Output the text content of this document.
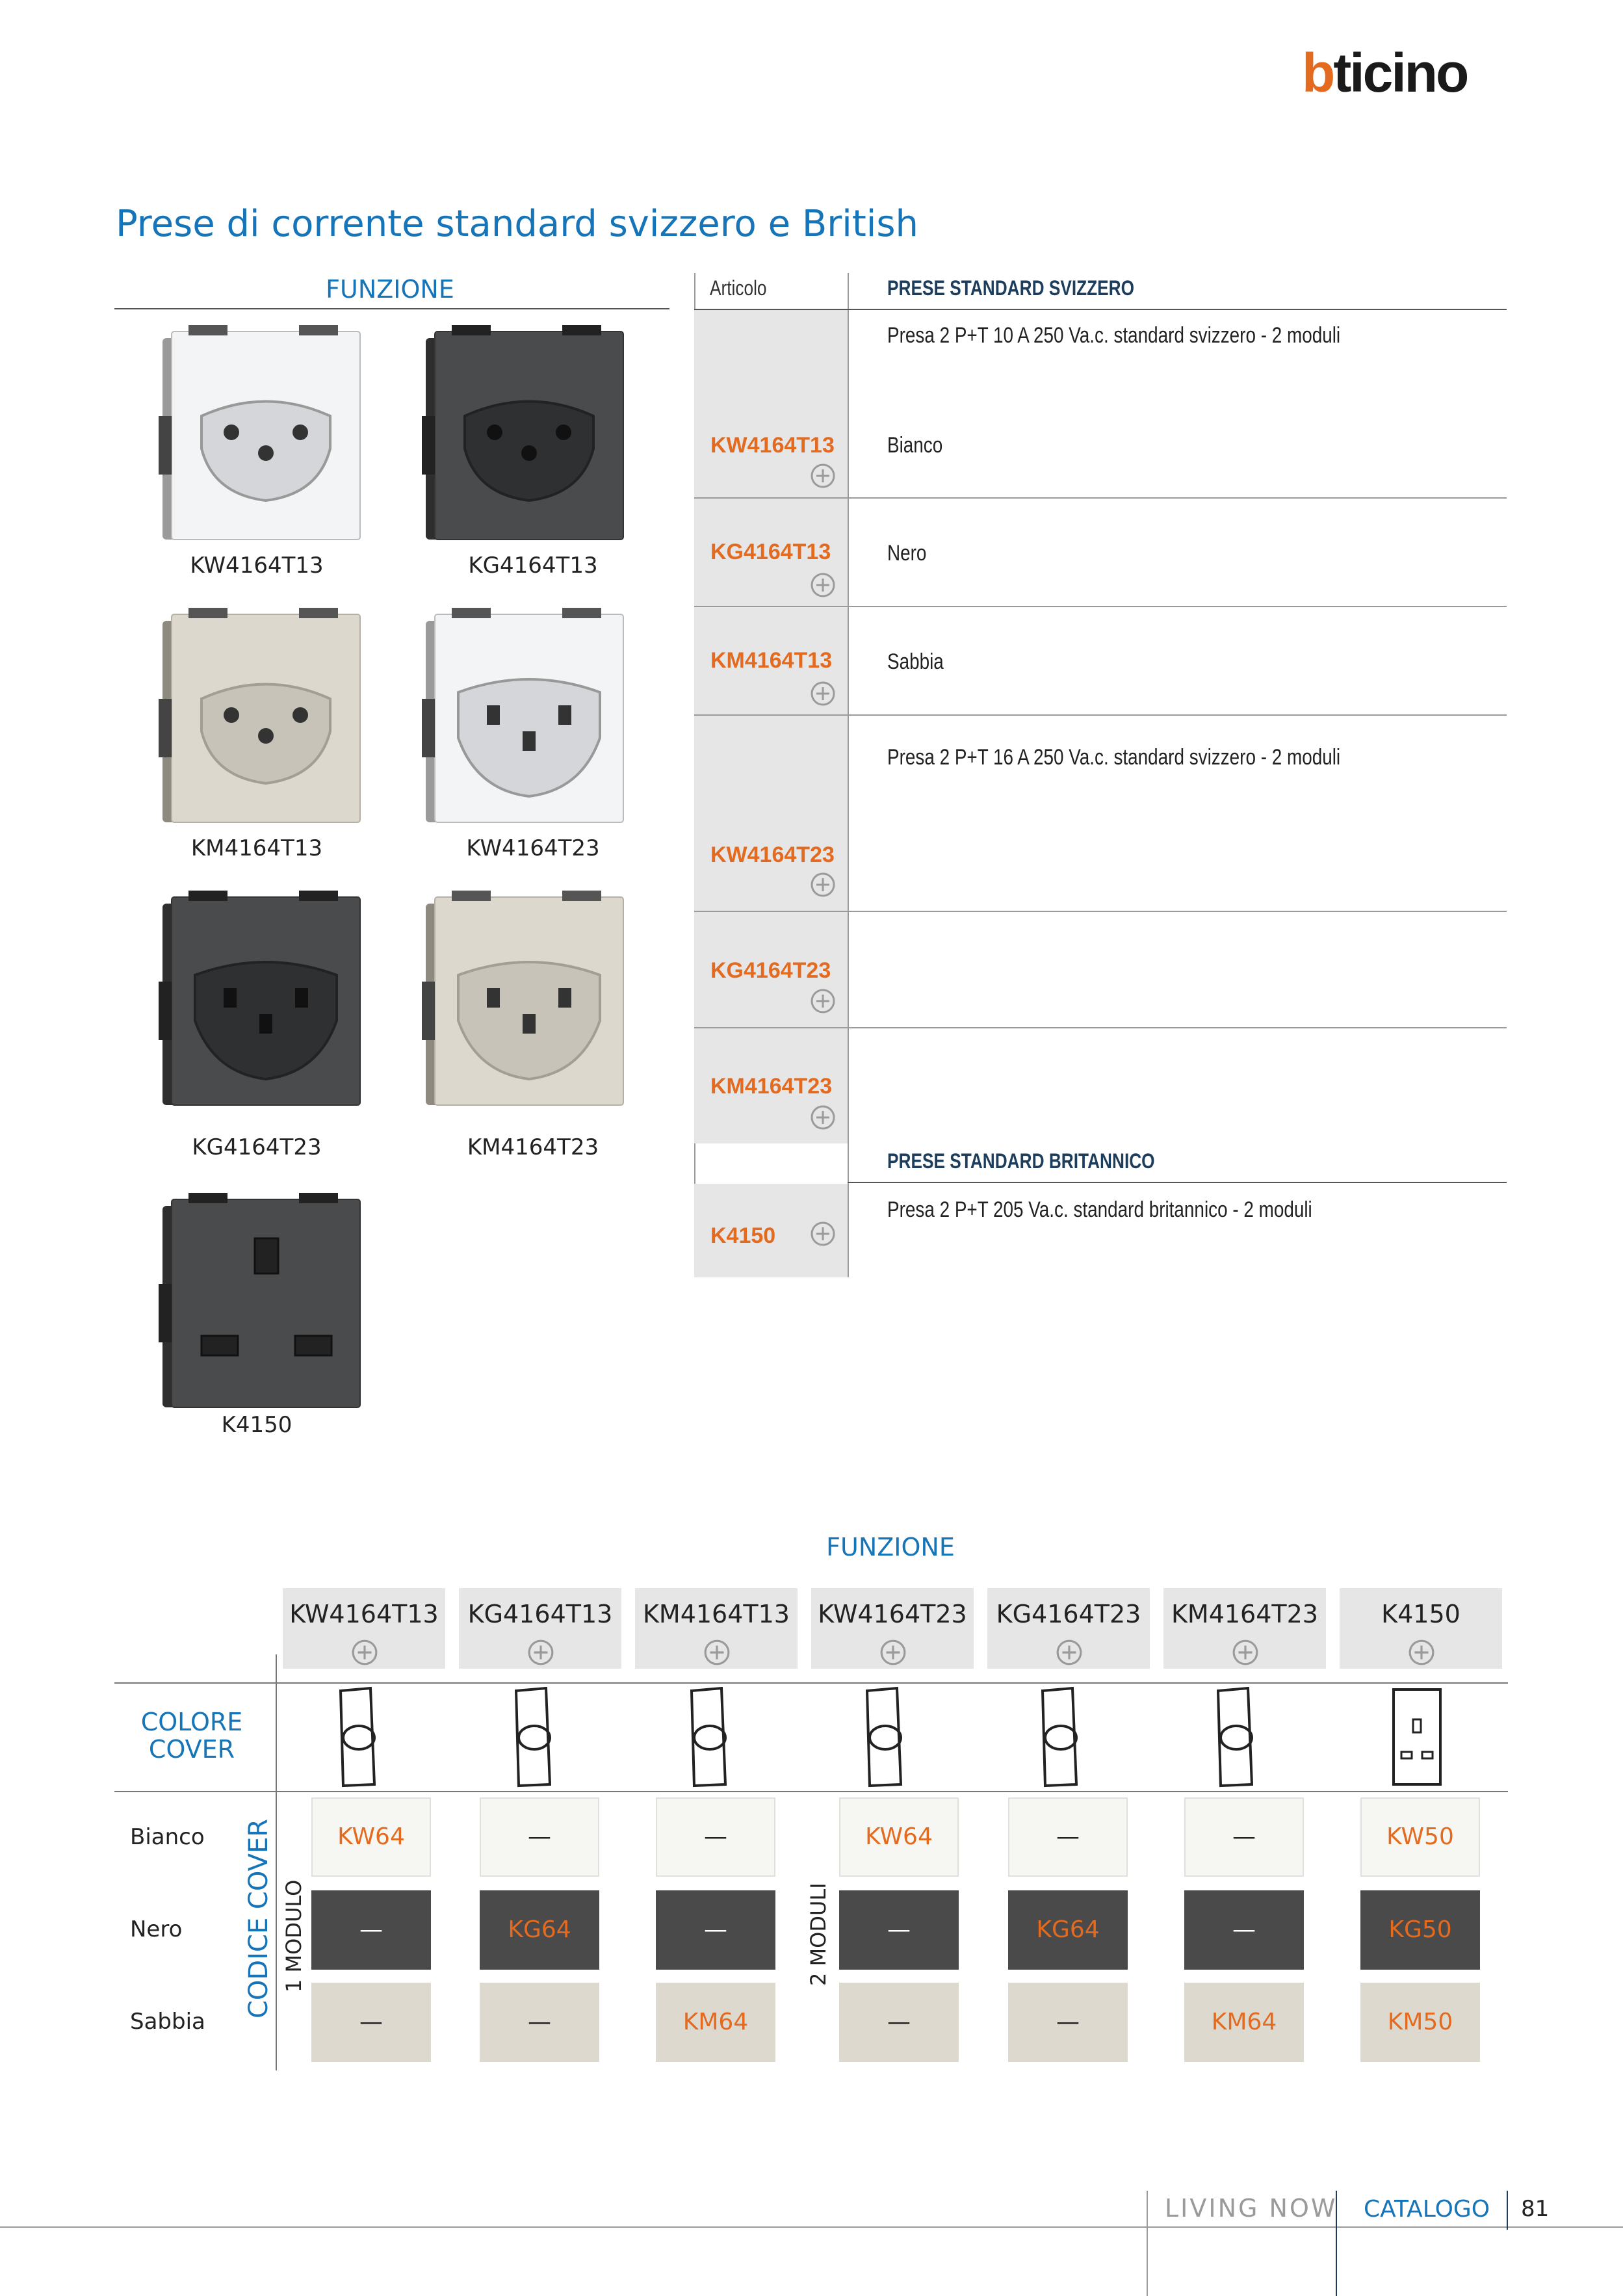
bticino
Prese di corrente standard svizzero e British
FUNZIONE
KW4164T13	KG4164T13
KM4164T13	KW4164T23
KG4164T23	KM4164T23
K4150
Articolo	PRESE STANDARD SVIZZERO
Presa 2 P+T 10 A 250 Va.c. standard svizzero - 2 moduli
KW4164T13 Bianco
KG4164T13	Nero
KM4164T13 Sabbia
Presa 2 P+T 16 A 250 Va.c. standard svizzero - 2 moduli
KW4164T23
KG4164T23
KM4164T23
PRESE STANDARD BRITANNICO
Presa 2 P+T 205 Va.c. standard britannico - 2 moduli
K4150
FUNZIONE
KW4164T13	KG4164T13	KM4164T13	KW4164T23	KG4164T23	KM4164T23	K4150
COLORE
COVER
Bianco
Nero
Sabbia
CODICE COVER 1 MODULO	2 MODULI
KW64	—	—	KW64	—	—	KW50
—	KG64	—	—	KG64	—	KG50
—	—	KM64	—	—	KM64	KM50
LIVING NOW CATALOGO 81
